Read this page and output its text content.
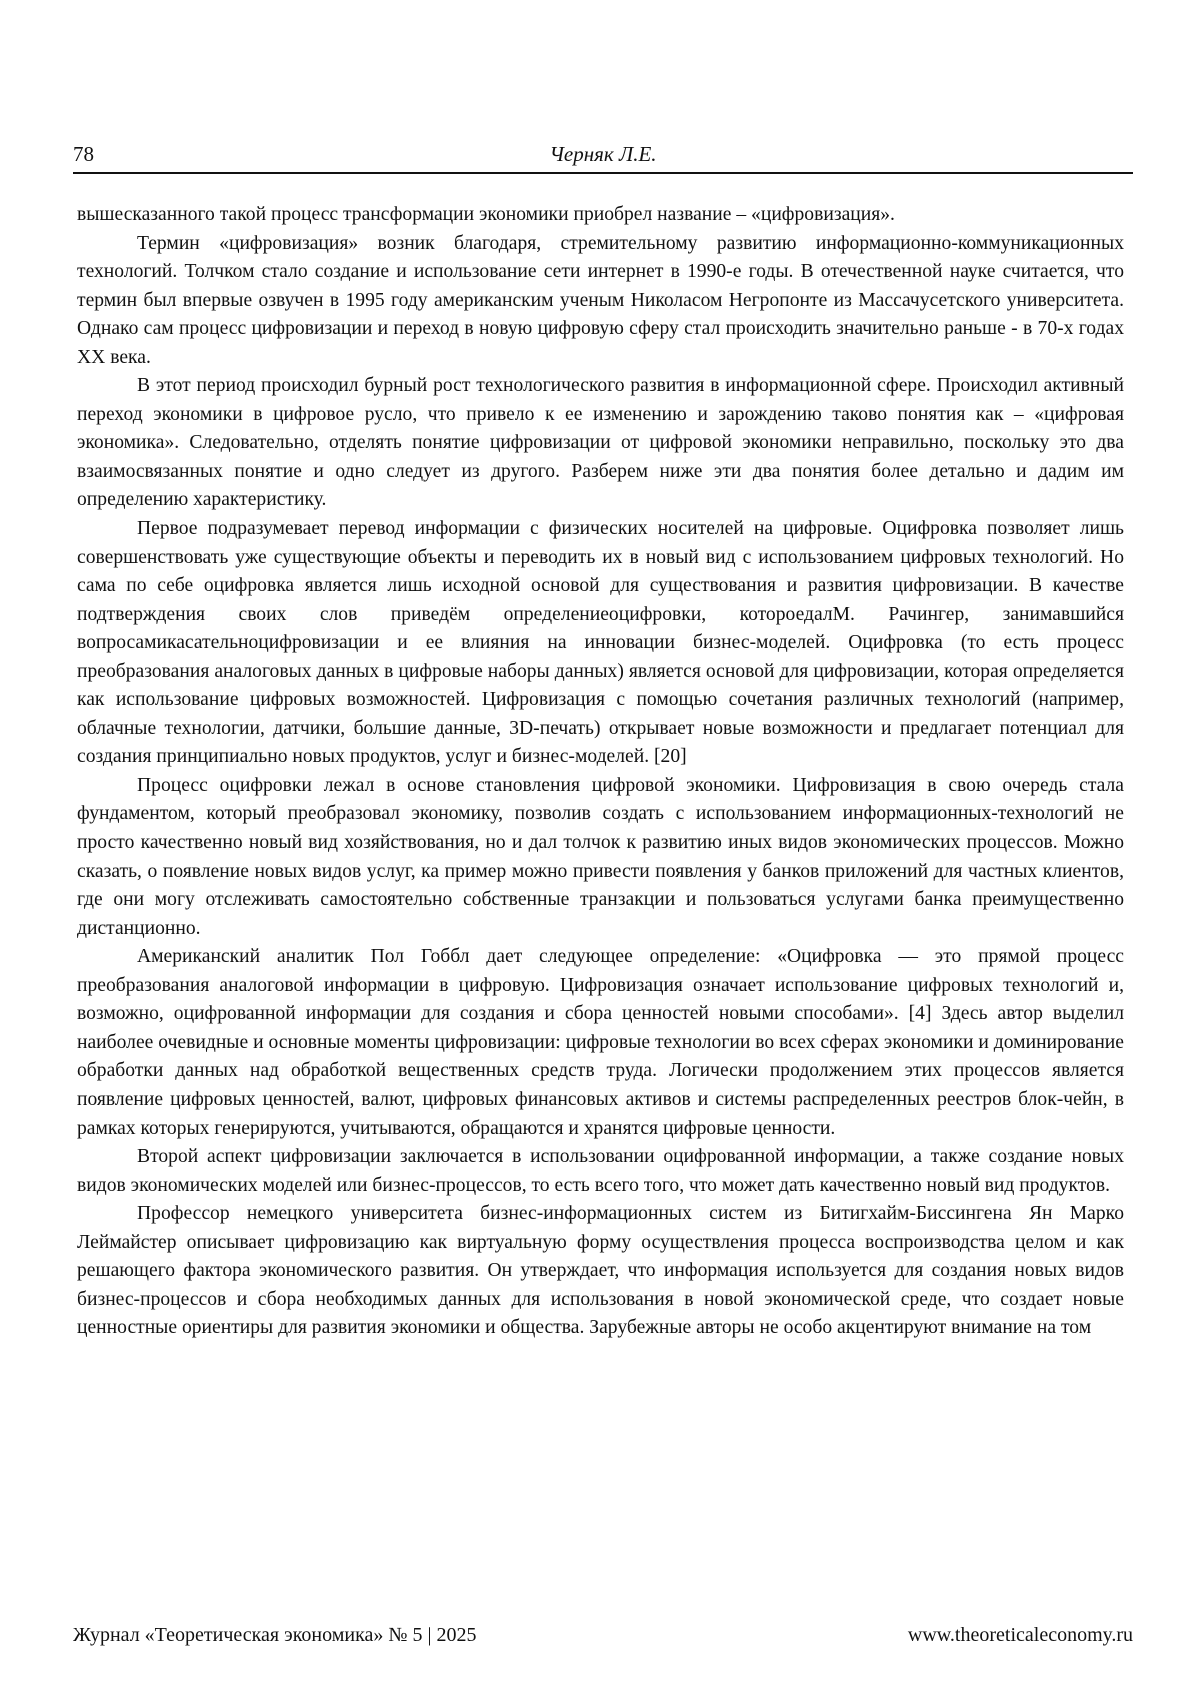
78	Черняк Л.Е.

вышесказанного такой процесс трансформации экономики приобрел название – «цифровизация».

Термин «цифровизация» возник благодаря, стремительному развитию информационно-коммуникационных технологий. Толчком стало создание и использование сети интернет в 1990-е годы. В отечественной науке считается, что термин был впервые озвучен в 1995 году американским ученым Николасом Негропонте из Массачусетского университета. Однако сам процесс цифровизации и переход в новую цифровую сферу стал происходить значительно раньше - в 70-х годах ХХ века.

В этот период происходил бурный рост технологического развития в информационной сфере. Происходил активный переход экономики в цифровое русло, что привело к ее изменению и зарождению таково понятия как – «цифровая экономика». Следовательно, отделять понятие цифровизации от цифровой экономики неправильно, поскольку это два взаимосвязанных понятие и одно следует из другого. Разберем ниже эти два понятия более детально и дадим им определению характеристику.

Первое подразумевает перевод информации с физических носителей на цифровые. Оцифровка позволяет лишь совершенствовать уже существующие объекты и переводить их в новый вид с использованием цифровых технологий. Но сама по себе оцифровка является лишь исходной основой для существования и развития цифровизации. В качестве подтверждения своих слов приведём определениеоцифровки, котороедалМ. Рачингер, занимавшийся вопросамикасательноцифровизации и ее влияния на инновации бизнес-моделей. Оцифровка (то есть процесс преобразования аналоговых данных в цифровые наборы данных) является основой для цифровизации, которая определяется как использование цифровых возможностей. Цифровизация с помощью сочетания различных технологий (например, облачные технологии, датчики, большие данные, 3D-печать) открывает новые возможности и предлагает потенциал для создания принципиально новых продуктов, услуг и бизнес-моделей. [20]

Процесс оцифровки лежал в основе становления цифровой экономики. Цифровизация в свою очередь стала фундаментом, который преобразовал экономику, позволив создать с использованием информационных-технологий не просто качественно новый вид хозяйствования, но и дал толчок к развитию иных видов экономических процессов. Можно сказать, о появление новых видов услуг, ка пример можно привести появления у банков приложений для частных клиентов, где они могу отслеживать самостоятельно собственные транзакции и пользоваться услугами банка преимущественно дистанционно.

Американский аналитик Пол Гоббл дает следующее определение: «Оцифровка — это прямой процесс преобразования аналоговой информации в цифровую. Цифровизация означает использование цифровых технологий и, возможно, оцифрованной информации для создания и сбора ценностей новыми способами». [4] Здесь автор выделил наиболее очевидные и основные моменты цифровизации: цифровые технологии во всех сферах экономики и доминирование обработки данных над обработкой вещественных средств труда. Логически продолжением этих процессов является появление цифровых ценностей, валют, цифровых финансовых активов и системы распределенных реестров блок-чейн, в рамках которых генерируются, учитываются, обращаются и хранятся цифровые ценности.

Второй аспект цифровизации заключается в использовании оцифрованной информации, а также создание новых видов экономических моделей или бизнес-процессов, то есть всего того, что может дать качественно новый вид продуктов.

Профессор немецкого университета бизнес-информационных систем из Битигхайм-Биссингена Ян Марко Леймайстер описывает цифровизацию как виртуальную форму осуществления процесса воспроизводства целом и как решающего фактора экономического развития. Он утверждает, что информация используется для создания новых видов бизнес-процессов и сбора необходимых данных для использования в новой экономической среде, что создает новые ценностные ориентиры для развития экономики и общества. Зарубежные авторы не особо акцентируют внимание на том

Журнал «Теоретическая экономика» № 5 | 2025	www.theoreticaleconomy.ru
